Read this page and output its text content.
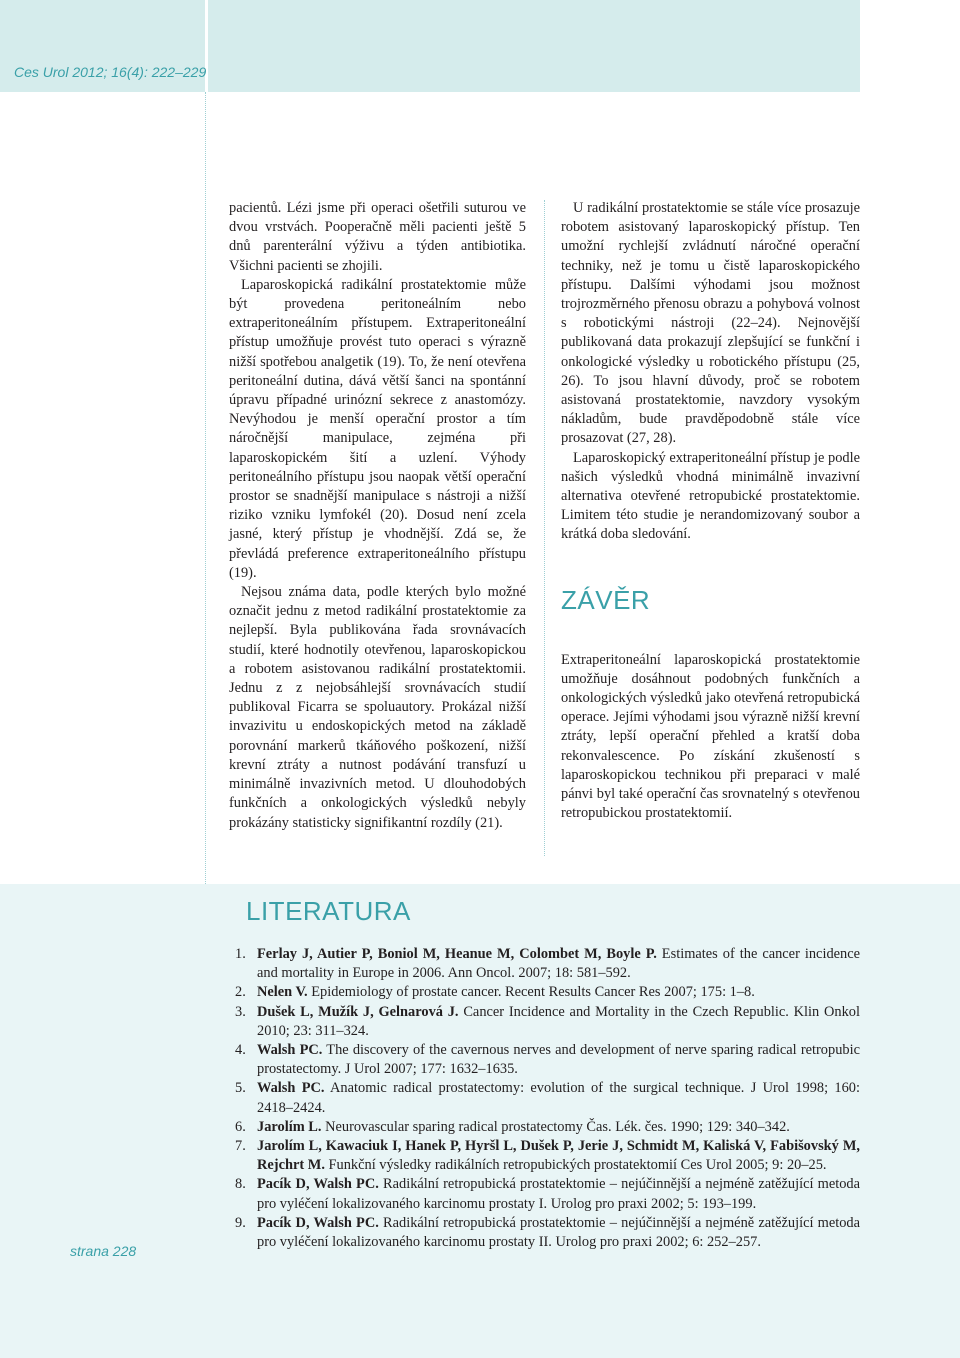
Ces Urol 2012; 16(4): 222–229

pacientů. Lézi jsme při operaci ošetřili suturou ve dvou vrstvách. Pooperačně měli pacienti ještě 5 dnů parenterální výživu a týden antibiotika. Všichni pacienti se zhojili.

Laparoskopická radikální prostatektomie může být provedena peritoneálním nebo extraperitoneálním přístupem. Extraperitoneální přístup umožňuje provést tuto operaci s výrazně nižší spotřebou analgetik (19). To, že není otevřena peritoneální dutina, dává větší šanci na spontánní úpravu případné urinózní sekrece z anastomózy. Nevýhodou je menší operační prostor a tím náročnější manipulace, zejména při laparoskopickém šití a uzlení. Výhody peritoneálního přístupu jsou naopak větší operační prostor se snadnější manipulace s nástroji a nižší riziko vzniku lymfokél (20). Dosud není zcela jasné, který přístup je vhodnější. Zdá se, že převládá preference extraperitoneálního přístupu (19).

Nejsou známa data, podle kterých bylo možné označit jednu z metod radikální prostatektomie za nejlepší. Byla publikována řada srovnávacích studií, které hodnotily otevřenou, laparoskopickou a robotem asistovanou radikální prostatektomii. Jednu z z nejobsáhlejší srovnávacích studií publikoval Ficarra se spoluautory. Prokázal nižší invazivitu u endoskopických metod na základě porovnání markerů tkáňového poškození, nižší krevní ztráty a nutnost podávání transfuzí u minimálně invazivních metod. U dlouhodobých funkčních a onkologických výsledků nebyly prokázány statisticky signifikantní rozdíly (21).

U radikální prostatektomie se stále více prosazuje robotem asistovaný laparoskopický přístup. Ten umožní rychlejší zvládnutí náročné operační techniky, než je tomu u čistě laparoskopického přístupu. Dalšími výhodami jsou možnost trojrozměrného přenosu obrazu a pohybová volnost s robotickými nástroji (22–24). Nejnovější publikovaná data prokazují zlepšující se funkční i onkologické výsledky u robotického přístupu (25, 26). To jsou hlavní důvody, proč se robotem asistovaná prostatektomie, navzdory vysokým nákladům, bude pravděpodobně stále více prosazovat (27, 28).

Laparoskopický extraperitoneální přístup je podle našich výsledků vhodná minimálně invazivní alternativa otevřené retropubické prostatektomie. Limitem této studie je nerandomizovaný soubor a krátká doba sledování.

ZÁVĚR

Extraperitoneální laparoskopická prostatektomie umožňuje dosáhnout podobných funkčních a onkologických výsledků jako otevřená retropubická operace. Jejími výhodami jsou výrazně nižší krevní ztráty, lepší operační přehled a kratší doba rekonvalescence. Po získání zkušeností s laparoskopickou technikou při preparaci v malé pánvi byl také operační čas srovnatelný s otevřenou retropubickou prostatektomií.

LITERATURA
1. Ferlay J, Autier P, Boniol M, Heanue M, Colombet M, Boyle P. Estimates of the cancer incidence and mortality in Europe in 2006. Ann Oncol. 2007; 18: 581–592.
2. Nelen V. Epidemiology of prostate cancer. Recent Results Cancer Res 2007; 175: 1–8.
3. Dušek L, Mužík J, Gelnarová J. Cancer Incidence and Mortality in the Czech Republic. Klin Onkol 2010; 23: 311–324.
4. Walsh PC. The discovery of the cavernous nerves and development of nerve sparing radical retropubic prostatectomy. J Urol 2007; 177: 1632–1635.
5. Walsh PC. Anatomic radical prostatectomy: evolution of the surgical technique. J Urol 1998; 160: 2418–2424.
6. Jarolím L. Neurovascular sparing radical prostatectomy Čas. Lék. čes. 1990; 129: 340–342.
7. Jarolím L, Kawaciuk I, Hanek P, Hyršl L, Dušek P, Jerie J, Schmidt M, Kaliská V, Fabišovský M, Rejchrt M. Funkční výsledky radikálních retropubických prostatektomií Ces Urol 2005; 9: 20–25.
8. Pacík D, Walsh PC. Radikální retropubická prostatektomie – nejúčinnější a nejméně zatěžující metoda pro vyléčení lokalizovaného karcinomu prostaty I. Urolog pro praxi 2002; 5: 193–199.
9. Pacík D, Walsh PC. Radikální retropubická prostatektomie – nejúčinnější a nejméně zatěžující metoda pro vyléčení lokalizovaného karcinomu prostaty II. Urolog pro praxi 2002; 6: 252–257.
strana 228
